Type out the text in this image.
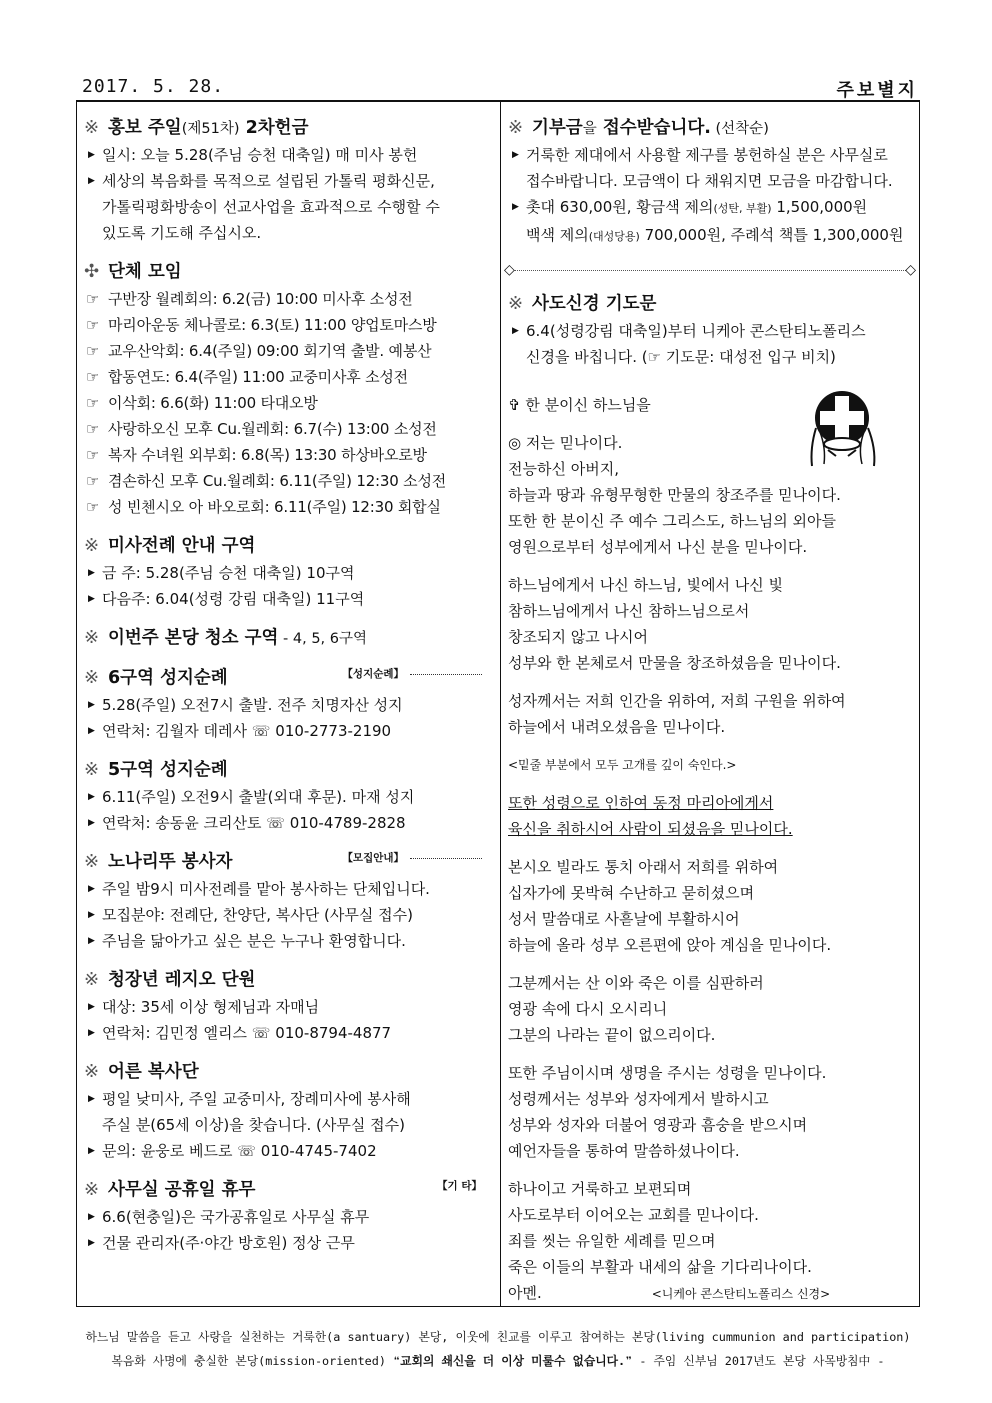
2017. 5. 28.	주보별지
※ 홍보 주일(제51차) 2차헌금
▶ 일시: 오늘 5.28(주님 승천 대축일) 매 미사 봉헌
▶ 세상의 복음화를 목적으로 설립된 가톨릭 평화신문,
가톨릭평화방송이 선교사업을 효과적으로 수행할 수
있도록 기도해 주십시오.
✣ 단체 모임
☞ 구반장 월례회의: 6.2(금) 10:00 미사후 소성전
☞ 마리아운동 체나콜로: 6.3(토) 11:00 양업토마스방
☞ 교우산악회: 6.4(주일) 09:00 회기역 출발. 예봉산
☞ 합동연도: 6.4(주일) 11:00 교중미사후 소성전
☞ 이삭회: 6.6(화) 11:00 타대오방
☞ 사랑하오신 모후 Cu.월레회: 6.7(수) 13:00 소성전
☞ 복자 수녀원 외부회: 6.8(목) 13:30 하상바오로방
☞ 겸손하신 모후 Cu.월례회: 6.11(주일) 12:30 소성전
☞ 성 빈첸시오 아 바오로회: 6.11(주일) 12:30 회합실
※ 미사전례 안내 구역
▶ 금 주: 5.28(주님 승천 대축일) 10구역
▶ 다음주: 6.04(성령 강림 대축일) 11구역
※ 이번주 본당 청소 구역 - 4, 5, 6구역
※ 6구역 성지순례	【성지순례】
▶ 5.28(주일) 오전7시 출발. 전주 치명자산 성지
▶ 연락처: 김월자 데레사 ☏ 010-2773-2190
※ 5구역 성지순례
▶ 6.11(주일) 오전9시 출발(외대 후문). 마재 성지
▶ 연락처: 송동윤 크리산토 ☏ 010-4789-2828
※ 노나리뚜 봉사자	【모집안내】
▶ 주일 밤9시 미사전례를 맡아 봉사하는 단체입니다.
▶ 모집분야: 전례단, 찬양단, 복사단 (사무실 접수)
▶ 주님을 닮아가고 싶은 분은 누구나 환영합니다.
※ 청장년 레지오 단원
▶ 대상: 35세 이상 형제님과 자매님
▶ 연락처: 김민정 엘리스 ☏ 010-8794-4877
※ 어른 복사단
▶ 평일 낮미사, 주일 교중미사, 장례미사에 봉사해
주실 분(65세 이상)을 찾습니다. (사무실 접수)
▶ 문의: 윤웅로 베드로 ☏ 010-4745-7402
※ 사무실 공휴일 휴무	【기 타】
▶ 6.6(현충일)은 국가공휴일로 사무실 휴무
▶ 건물 관리자(주·야간 방호원) 정상 근무
※ 기부금을 접수받습니다. (선착순)
▶ 거룩한 제대에서 사용할 제구를 봉헌하실 분은 사무실로
접수바랍니다. 모금액이 다 채워지면 모금을 마감합니다.
▶ 촛대 630,00원, 황금색 제의(성탄, 부활) 1,500,000원
백색 제의(대성당용) 700,000원, 주례석 책틀 1,300,000원
◇	◇
※ 사도신경 기도문
▶ 6.4(성령강림 대축일)부터 니케아 콘스탄티노폴리스
신경을 바칩니다. (☞ 기도문: 대성전 입구 비치)

✞ 한 분이신 하느님을

◎ 저는 믿나이다.
전능하신 아버지,
하늘과 땅과 유형무형한 만물의 창조주를 믿나이다.
또한 한 분이신 주 예수 그리스도, 하느님의 외아들
영원으로부터 성부에게서 나신 분을 믿나이다.

하느님에게서 나신 하느님, 빛에서 나신 빛
참하느님에게서 나신 참하느님으로서
창조되지 않고 나시어
성부와 한 본체로서 만물을 창조하셨음을 믿나이다.

성자께서는 저희 인간을 위하여, 저희 구원을 위하여
하늘에서 내려오셨음을 믿나이다.

<밑줄 부분에서 모두 고개를 깊이 숙인다.>

또한 성령으로 인하여 동정 마리아에게서
육신을 취하시어 사람이 되셨음을 믿나이다.

본시오 빌라도 통치 아래서 저희를 위하여
십자가에 못박혀 수난하고 묻히셨으며
성서 말씀대로 사흗날에 부활하시어
하늘에 올라 성부 오른편에 앉아 계심을 믿나이다.

그분께서는 산 이와 죽은 이를 심판하러
영광 속에 다시 오시리니
그분의 나라는 끝이 없으리이다.

또한 주님이시며 생명을 주시는 성령을 믿나이다.
성령께서는 성부와 성자에게서 발하시고
성부와 성자와 더불어 영광과 흠숭을 받으시며
예언자들을 통하여 말씀하셨나이다.

하나이고 거룩하고 보편되며
사도로부터 이어오는 교회를 믿나이다.
죄를 씻는 유일한 세례를 믿으며
죽은 이들의 부활과 내세의 삶을 기다리나이다.
아멘.	<니케아 콘스탄티노폴리스 신경>

하느님 말씀을 듣고 사랑을 실천하는 거룩한(a santuary) 본당, 이웃에 친교를 이루고 참여하는 본당(living cummunion and participation)
복음화 사명에 충실한 본당(mission-oriented) ❝교회의 쇄신을 더 이상 미룰수 없습니다.❞ - 주임 신부님 2017년도 본당 사목방침中 -
